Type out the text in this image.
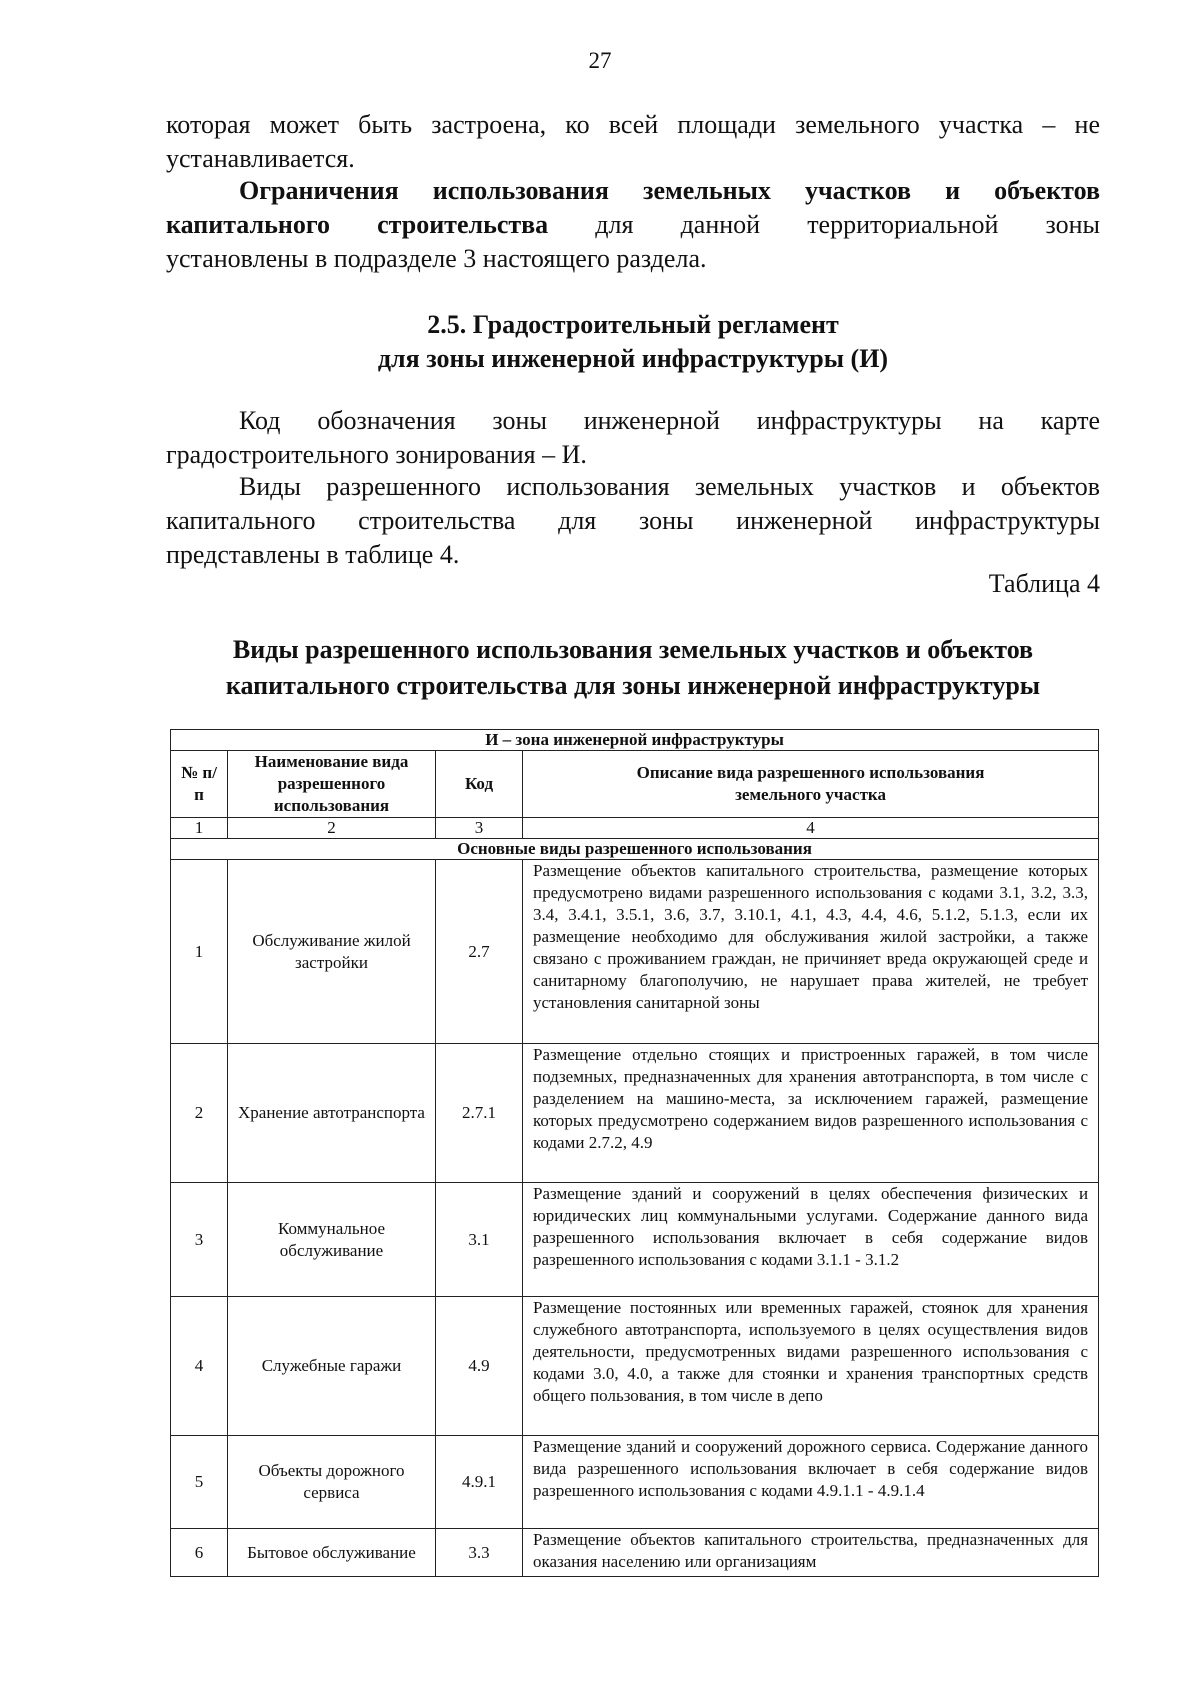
27
которая может быть застроена, ко всей площади земельного участка – не
устанавливается.
Ограничения использования земельных участков и объектов
капитального строительства для данной территориальной зоны
установлены в подразделе 3 настоящего раздела.
2.5. Градостроительный регламент
для зоны инженерной инфраструктуры (И)
Код обозначения зоны инженерной инфраструктуры на карте
градостроительного зонирования – И.
Виды разрешенного использования земельных участков и объектов
капитального строительства для зоны инженерной инфраструктуры
представлены в таблице 4.
Таблица 4
Виды разрешенного использования земельных участков и объектов
капитального строительства для зоны инженерной инфраструктуры
И – зона инженерной инфраструктуры			
№ п/п	Наименование вида разрешенного использования	Код	Описание вида разрешенного использования земельного участка
1	2	3	4
Основные виды разрешенного использования			
1	Обслуживание жилой застройки	2.7	Размещение объектов капитального строительства, размещение которых предусмотрено видами разрешенного использования с кодами 3.1, 3.2, 3.3, 3.4, 3.4.1, 3.5.1, 3.6, 3.7, 3.10.1, 4.1, 4.3, 4.4, 4.6, 5.1.2, 5.1.3, если их размещение необходимо для обслуживания жилой застройки, а также связано с проживанием граждан, не причиняет вреда окружающей среде и санитарному благополучию, не нарушает права жителей, не требует установления санитарной зоны
2	Хранение автотранспорта	2.7.1	Размещение отдельно стоящих и пристроенных гаражей, в том числе подземных, предназначенных для хранения автотранспорта, в том числе с разделением на машино-места, за исключением гаражей, размещение которых предусмотрено содержанием видов разрешенного использования с кодами 2.7.2, 4.9
3	Коммунальное обслуживание	3.1	Размещение зданий и сооружений в целях обеспечения физических и юридических лиц коммунальными услугами. Содержание данного вида разрешенного использования включает в себя содержание видов разрешенного использования с кодами 3.1.1 - 3.1.2
4	Служебные гаражи	4.9	Размещение постоянных или временных гаражей, стоянок для хранения служебного автотранспорта, используемого в целях осуществления видов деятельности, предусмотренных видами разрешенного использования с кодами 3.0, 4.0, а также для стоянки и хранения транспортных средств общего пользования, в том числе в депо
5	Объекты дорожного сервиса	4.9.1	Размещение зданий и сооружений дорожного сервиса. Содержание данного вида разрешенного использования включает в себя содержание видов разрешенного использования с кодами 4.9.1.1 - 4.9.1.4
6	Бытовое обслуживание	3.3	Размещение объектов капитального строительства, предназначенных для оказания населению или организациям
